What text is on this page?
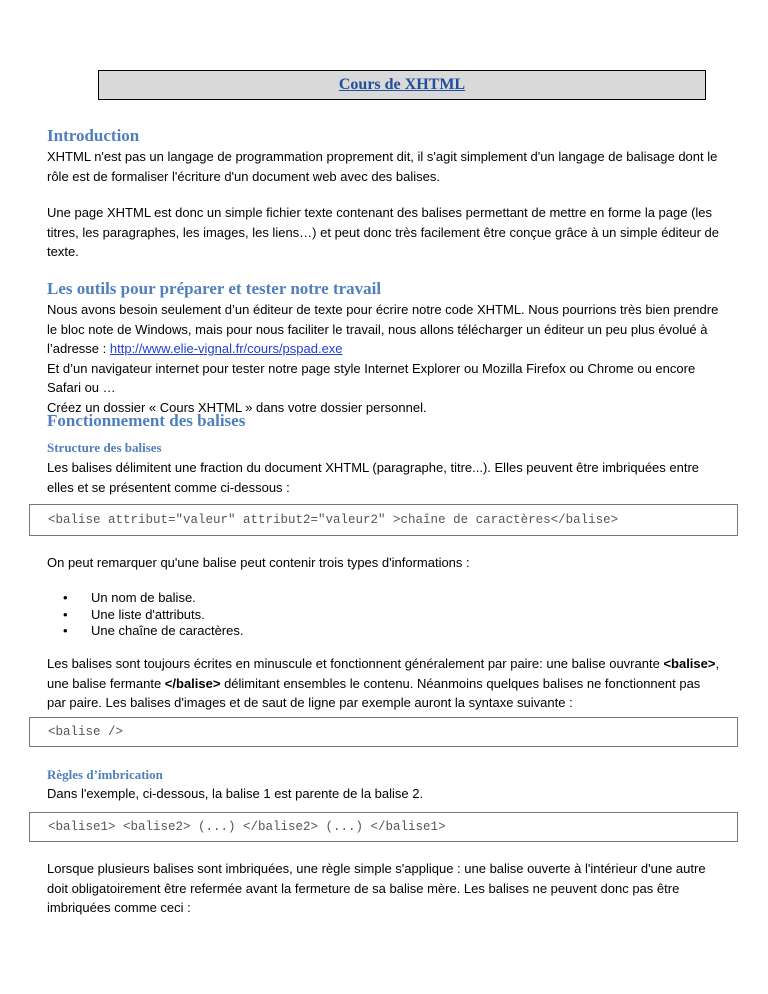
Cours de XHTML
Introduction
XHTML n'est pas un langage de programmation proprement dit, il s'agit simplement d'un langage de balisage dont le
rôle est de formaliser l'écriture d'un document web avec des balises.
Une page XHTML est donc un simple fichier texte contenant des balises permettant de mettre en forme la page (les
titres, les paragraphes, les images, les liens…) et peut donc très facilement être conçue grâce à un simple éditeur de
texte.
Les outils pour préparer et tester notre travail
Nous avons besoin seulement d’un éditeur de texte pour écrire notre code XHTML. Nous pourrions très bien prendre
le bloc note de Windows, mais pour nous faciliter le travail, nous allons télécharger un éditeur un peu plus évolué à
l’adresse : http://www.elie-vignal.fr/cours/pspad.exe
Et d’un navigateur internet pour tester notre page style Internet Explorer ou Mozilla Firefox ou Chrome ou encore
Safari ou …
Créez un dossier « Cours XHTML » dans votre dossier personnel.
Fonctionnement des balises
Structure des balises
Les balises délimitent une fraction du document XHTML (paragraphe, titre...). Elles peuvent être imbriquées entre
elles et se présentent comme ci-dessous :
<balise attribut="valeur" attribut2="valeur2" >chaîne de caractères</balise>
On peut remarquer qu'une balise peut contenir trois types d'informations :
• Un nom de balise.
• Une liste d'attributs.
• Une chaîne de caractères.
Les balises sont toujours écrites en minuscule et fonctionnent généralement par paire: une balise ouvrante <balise>,
une balise fermante </balise> délimitant ensembles le contenu. Néanmoins quelques balises ne fonctionnent pas
par paire. Les balises d'images et de saut de ligne par exemple auront la syntaxe suivante :
<balise />
Règles d’imbrication
Dans l'exemple, ci-dessous, la balise 1 est parente de la balise 2.
<balise1> <balise2> (...) </balise2> (...) </balise1>
Lorsque plusieurs balises sont imbriquées, une règle simple s'applique : une balise ouverte à l'intérieur d'une autre
doit obligatoirement être refermée avant la fermeture de sa balise mère. Les balises ne peuvent donc pas être
imbriquées comme ceci :
